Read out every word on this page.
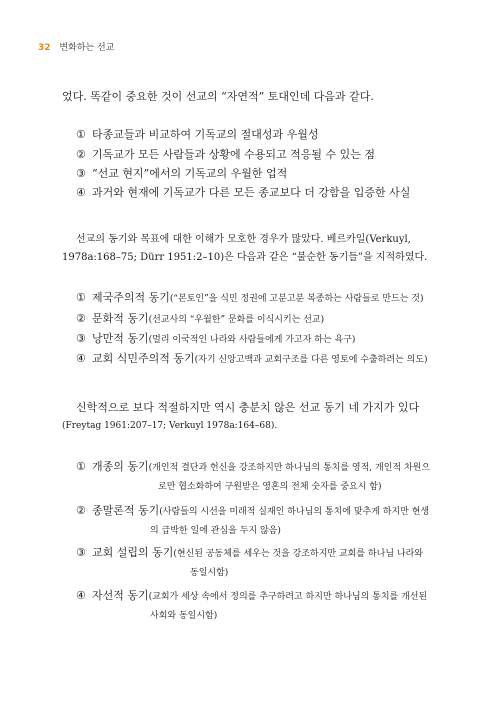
32 변화하는 선교
었다. 똑같이 중요한 것이 선교의 “자연적” 토대인데 다음과 같다.
① 타종교들과 비교하여 기독교의 절대성과 우월성
② 기독교가 모든 사람들과 상황에 수용되고 적응될 수 있는 점
③ “선교 현지”에서의 기독교의 우월한 업적
④ 과거와 현재에 기독교가 다른 모든 종교보다 더 강함을 입증한 사실
선교의 동기와 목표에 대한 이해가 모호한 경우가 많았다. 베르카일(Verkuyl,
1978a:168–75; Dürr 1951:2–10)은 다음과 같은 “불순한 동기들”을 지적하였다.
① 제국주의적 동기(“본토인”을 식민 정권에 고분고분 복종하는 사람들로 만드는 것)
② 문화적 동기(선교사의 “우월한” 문화를 이식시키는 선교)
③ 낭만적 동기(멀리 이국적인 나라와 사람들에게 가고자 하는 욕구)
④ 교회 식민주의적 동기(자기 신앙고백과 교회구조를 다른 영토에 수출하려는 의도)
신학적으로 보다 적절하지만 역시 충분치 않은 선교 동기 네 가지가 있다
(Freytag 1961:207–17; Verkuyl 1978a:164–68).
① 개종의 동기(개인적 결단과 헌신을 강조하지만 하나님의 통치를 영적, 개인적 차원으
로만 협소화하여 구원받은 영혼의 전체 숫자를 중요시 함)
② 종말론적 동기(사람들의 시선을 미래적 실재인 하나님의 통치에 맞추게 하지만 현생
의 급박한 일에 관심을 두지 않음)
③ 교회 설립의 동기(현신된 공동체를 세우는 것을 강조하지만 교회를 하나님 나라와
동일시함)
④ 자선적 동기(교회가 세상 속에서 정의를 추구하려고 하지만 하나님의 통치를 개선된
사회와 동일시함)
